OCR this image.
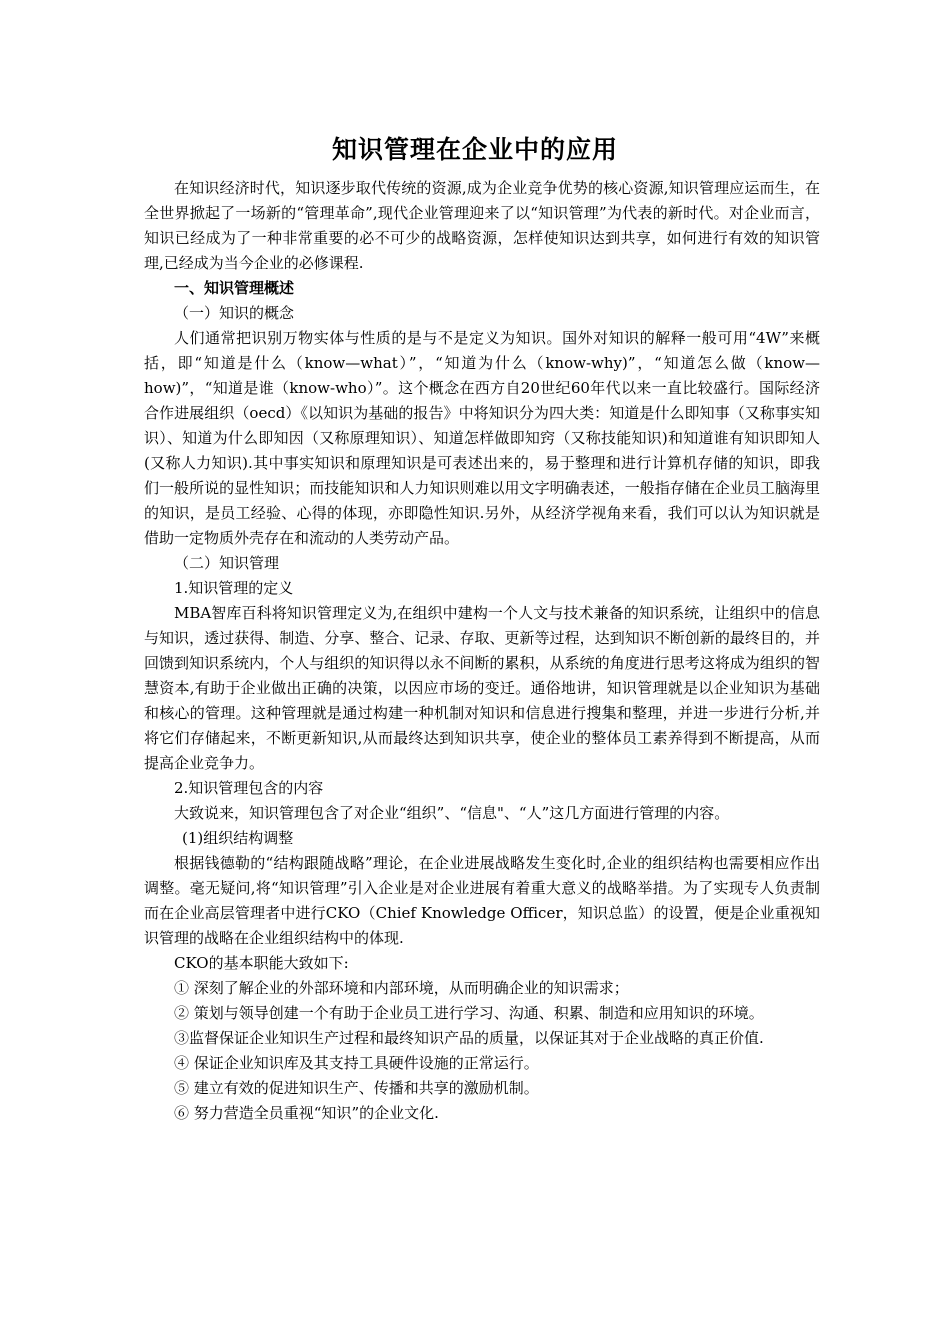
知识管理在企业中的应用

在知识经济时代，知识逐步取代传统的资源,成为企业竞争优势的核心资源,知识管理应运而生，在全世界掀起了一场新的“管理革命”,现代企业管理迎来了以“知识管理”为代表的新时代。对企业而言，知识已经成为了一种非常重要的必不可少的战略资源，怎样使知识达到共享，如何进行有效的知识管理,已经成为当今企业的必修课程.

一、知识管理概述

（一）知识的概念

人们通常把识别万物实体与性质的是与不是定义为知识。国外对知识的解释一般可用“4W”来概括，即“知道是什么（know—what）”，“知道为什么（know-why)”，“知道怎么做（know—how)”，“知道是谁（know-who）”。这个概念在西方自20世纪60年代以来一直比较盛行。国际经济合作进展组织（oecd）《以知识为基础的报告》中将知识分为四大类：知道是什么即知事（又称事实知识）、知道为什么即知因（又称原理知识）、知道怎样做即知窍（又称技能知识)和知道谁有知识即知人(又称人力知识).其中事实知识和原理知识是可表述出来的，易于整理和进行计算机存储的知识，即我们一般所说的显性知识；而技能知识和人力知识则难以用文字明确表述，一般指存储在企业员工脑海里的知识，是员工经验、心得的体现，亦即隐性知识.另外，从经济学视角来看，我们可以认为知识就是借助一定物质外壳存在和流动的人类劳动产品。

（二）知识管理

1.知识管理的定义

MBA智库百科将知识管理定义为,在组织中建构一个人文与技术兼备的知识系统，让组织中的信息与知识，透过获得、制造、分享、整合、记录、存取、更新等过程，达到知识不断创新的最终目的，并回馈到知识系统内，个人与组织的知识得以永不间断的累积，从系统的角度进行思考这将成为组织的智慧资本,有助于企业做出正确的决策，以因应市场的变迁。通俗地讲，知识管理就是以企业知识为基础和核心的管理。这种管理就是通过构建一种机制对知识和信息进行搜集和整理，并进一步进行分析,并将它们存储起来，不断更新知识,从而最终达到知识共享，使企业的整体员工素养得到不断提高，从而提高企业竞争力。

2.知识管理包含的内容

大致说来，知识管理包含了对企业“组织”、“信息"、“人”这几方面进行管理的内容。

(1)组织结构调整

根据钱德勒的“结构跟随战略”理论，在企业进展战略发生变化时,企业的组织结构也需要相应作出调整。毫无疑问,将“知识管理”引入企业是对企业进展有着重大意义的战略举措。为了实现专人负责制而在企业高层管理者中进行CKO（Chief Knowledge Officer，知识总监）的设置，便是企业重视知识管理的战略在企业组织结构中的体现.

CKO的基本职能大致如下:

① 深刻了解企业的外部环境和内部环境，从而明确企业的知识需求；

② 策划与领导创建一个有助于企业员工进行学习、沟通、积累、制造和应用知识的环境。

③监督保证企业知识生产过程和最终知识产品的质量，以保证其对于企业战略的真正价值.

④ 保证企业知识库及其支持工具硬件设施的正常运行。

⑤ 建立有效的促进知识生产、传播和共享的激励机制。

⑥ 努力营造全员重视“知识”的企业文化.
